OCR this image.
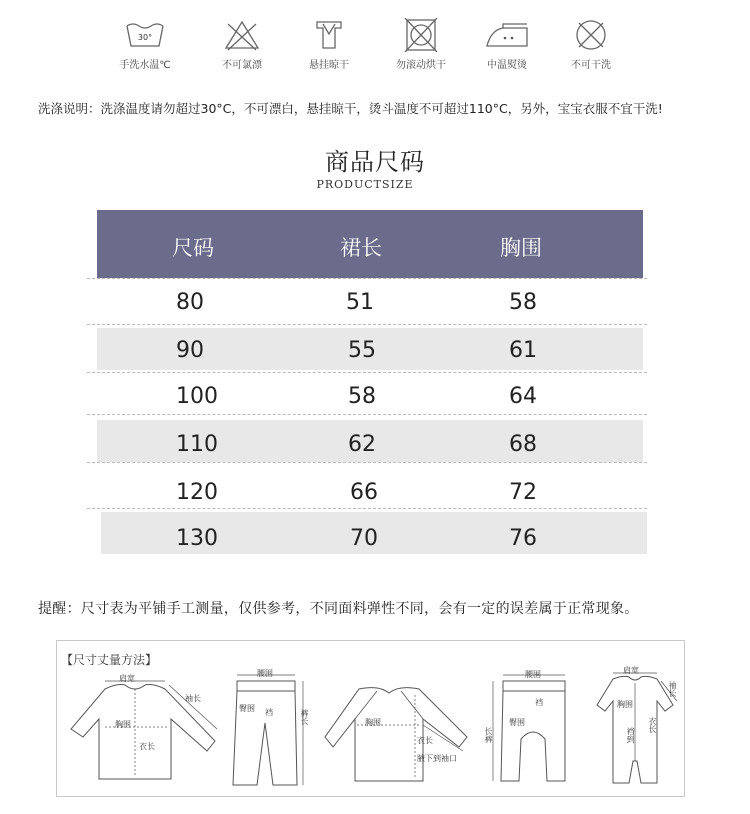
30°
手洗水温℃	不可氯漂	悬挂晾干	勿滚动烘干	中温熨烫	不可干洗
洗涤说明：洗涤温度请勿超过30°C，不可漂白，悬挂晾干，烫斗温度不可超过110°C，另外，宝宝衣服不宜干洗!
商品尺码
PRODUCTSIZE
尺码	裙长	胸围
80	51	58
90	55	61
100	58	64
110	62	68
120	66	72
130	70	76
提醒：尺寸表为平铺手工测量，仅供参考，不同面料弹性不同，会有一定的误差属于正常现象。
【尺寸丈量方法】
肩宽
袖长
胸围
衣长
腰围
臀围 裆	裤长	胸围
衣长
腋下到袖口
腰围
臀围
裆
长裤
肩宽
胸围
裆到
衣长
袖长
